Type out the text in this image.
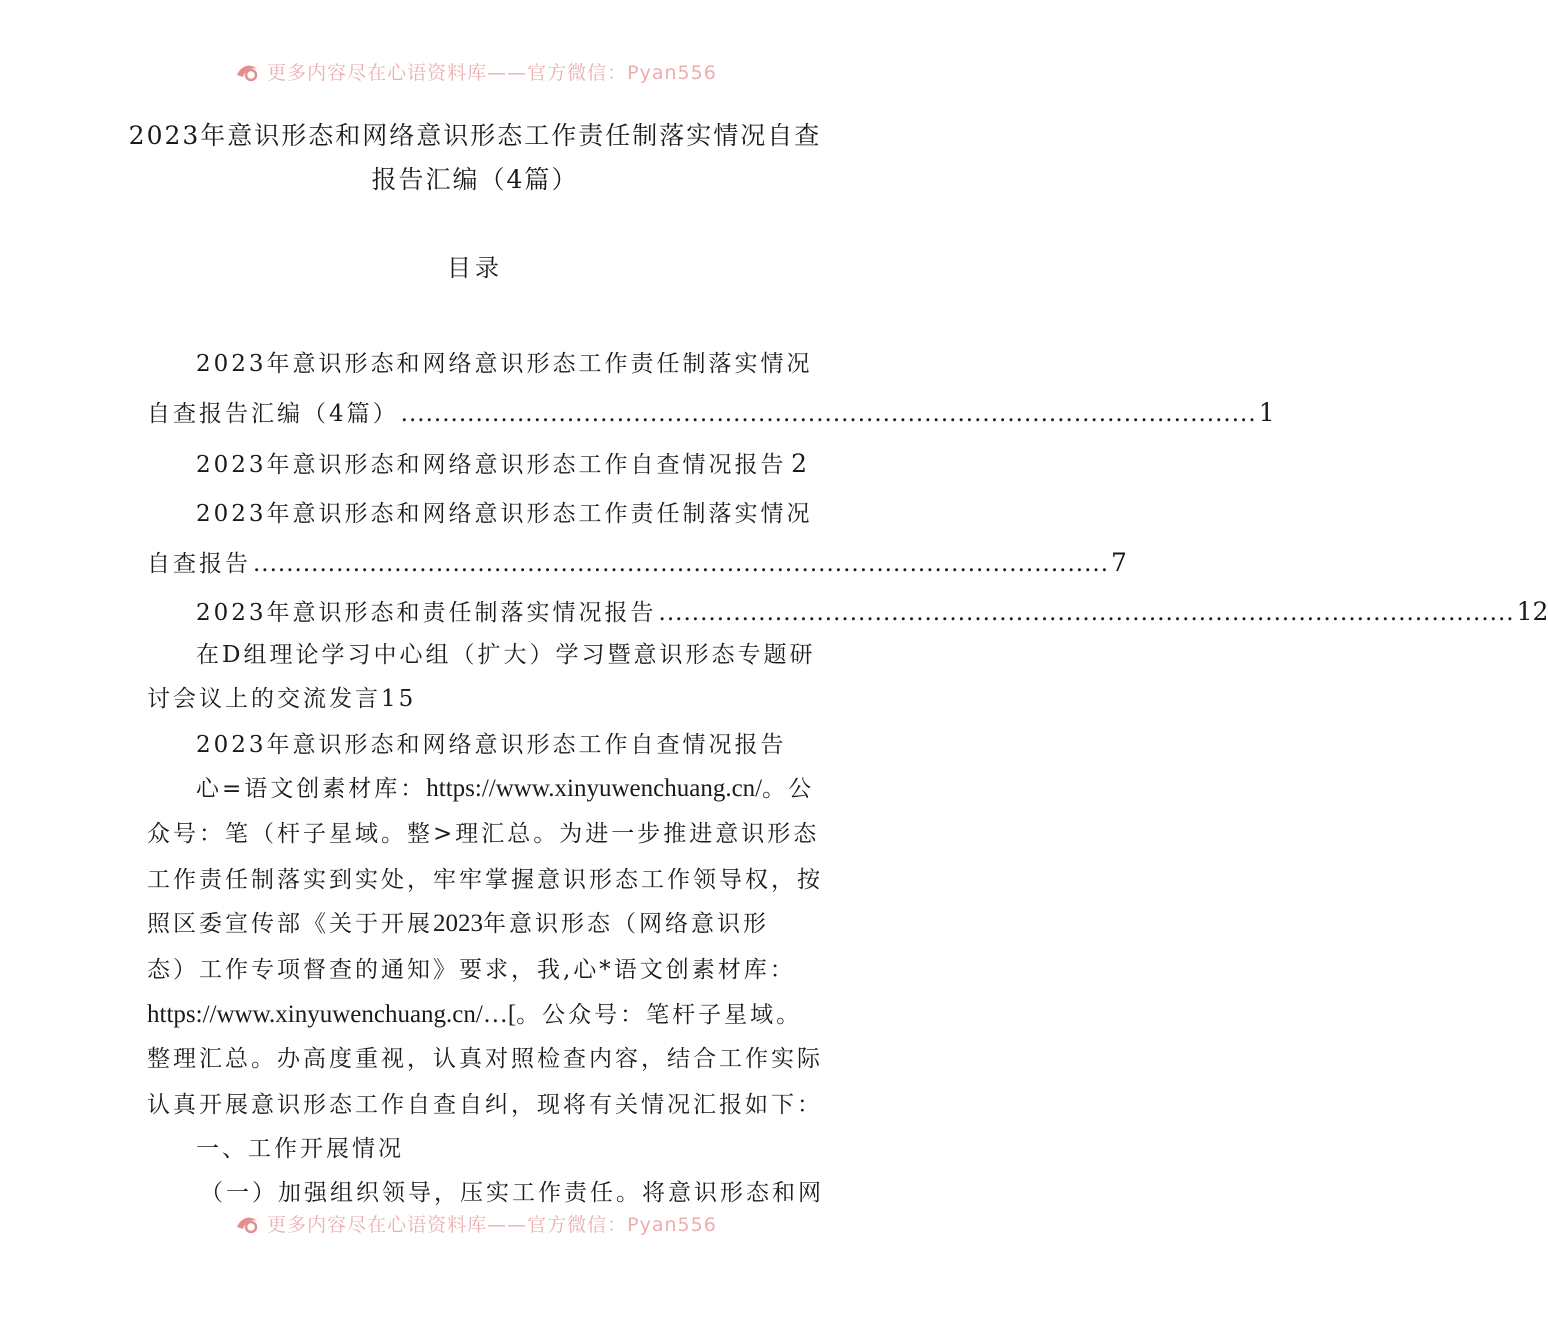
更多内容尽在心语资料库——官方微信：Pyan556
2023年意识形态和网络意识形态工作责任制落实情况自查
报告汇编（4篇）
目录
2023年意识形态和网络意识形态工作责任制落实情况
自查报告汇编（4篇） ....................................................................................................... 1
2023年意识形态和网络意识形态工作自查情况报告 2
2023年意识形态和网络意识形态工作责任制落实情况
自查报告 ....................................................................................................... 7
2023年意识形态和责任制落实情况报告 ....................................................................................................... 12
在D组理论学习中心组（扩大）学习暨意识形态专题研
讨会议上的交流发言15
2023年意识形态和网络意识形态工作自查情况报告
心=语文创素材库：https://www.xinyuwenchuang.cn/。公
众号：笔（杆子星域。整>理汇总。为进一步推进意识形态
工作责任制落实到实处，牢牢掌握意识形态工作领导权，按
照区委宣传部《关于开展2023年意识形态（网络意识形
态）工作专项督查的通知》要求，我,心*语文创素材库：
https://www.xinyuwenchuang.cn/…[。公众号：笔杆子星域。
整理汇总。办高度重视，认真对照检查内容，结合工作实际
认真开展意识形态工作自查自纠，现将有关情况汇报如下：
一、工作开展情况
（一）加强组织领导，压实工作责任。将意识形态和网
更多内容尽在心语资料库——官方微信：Pyan556
